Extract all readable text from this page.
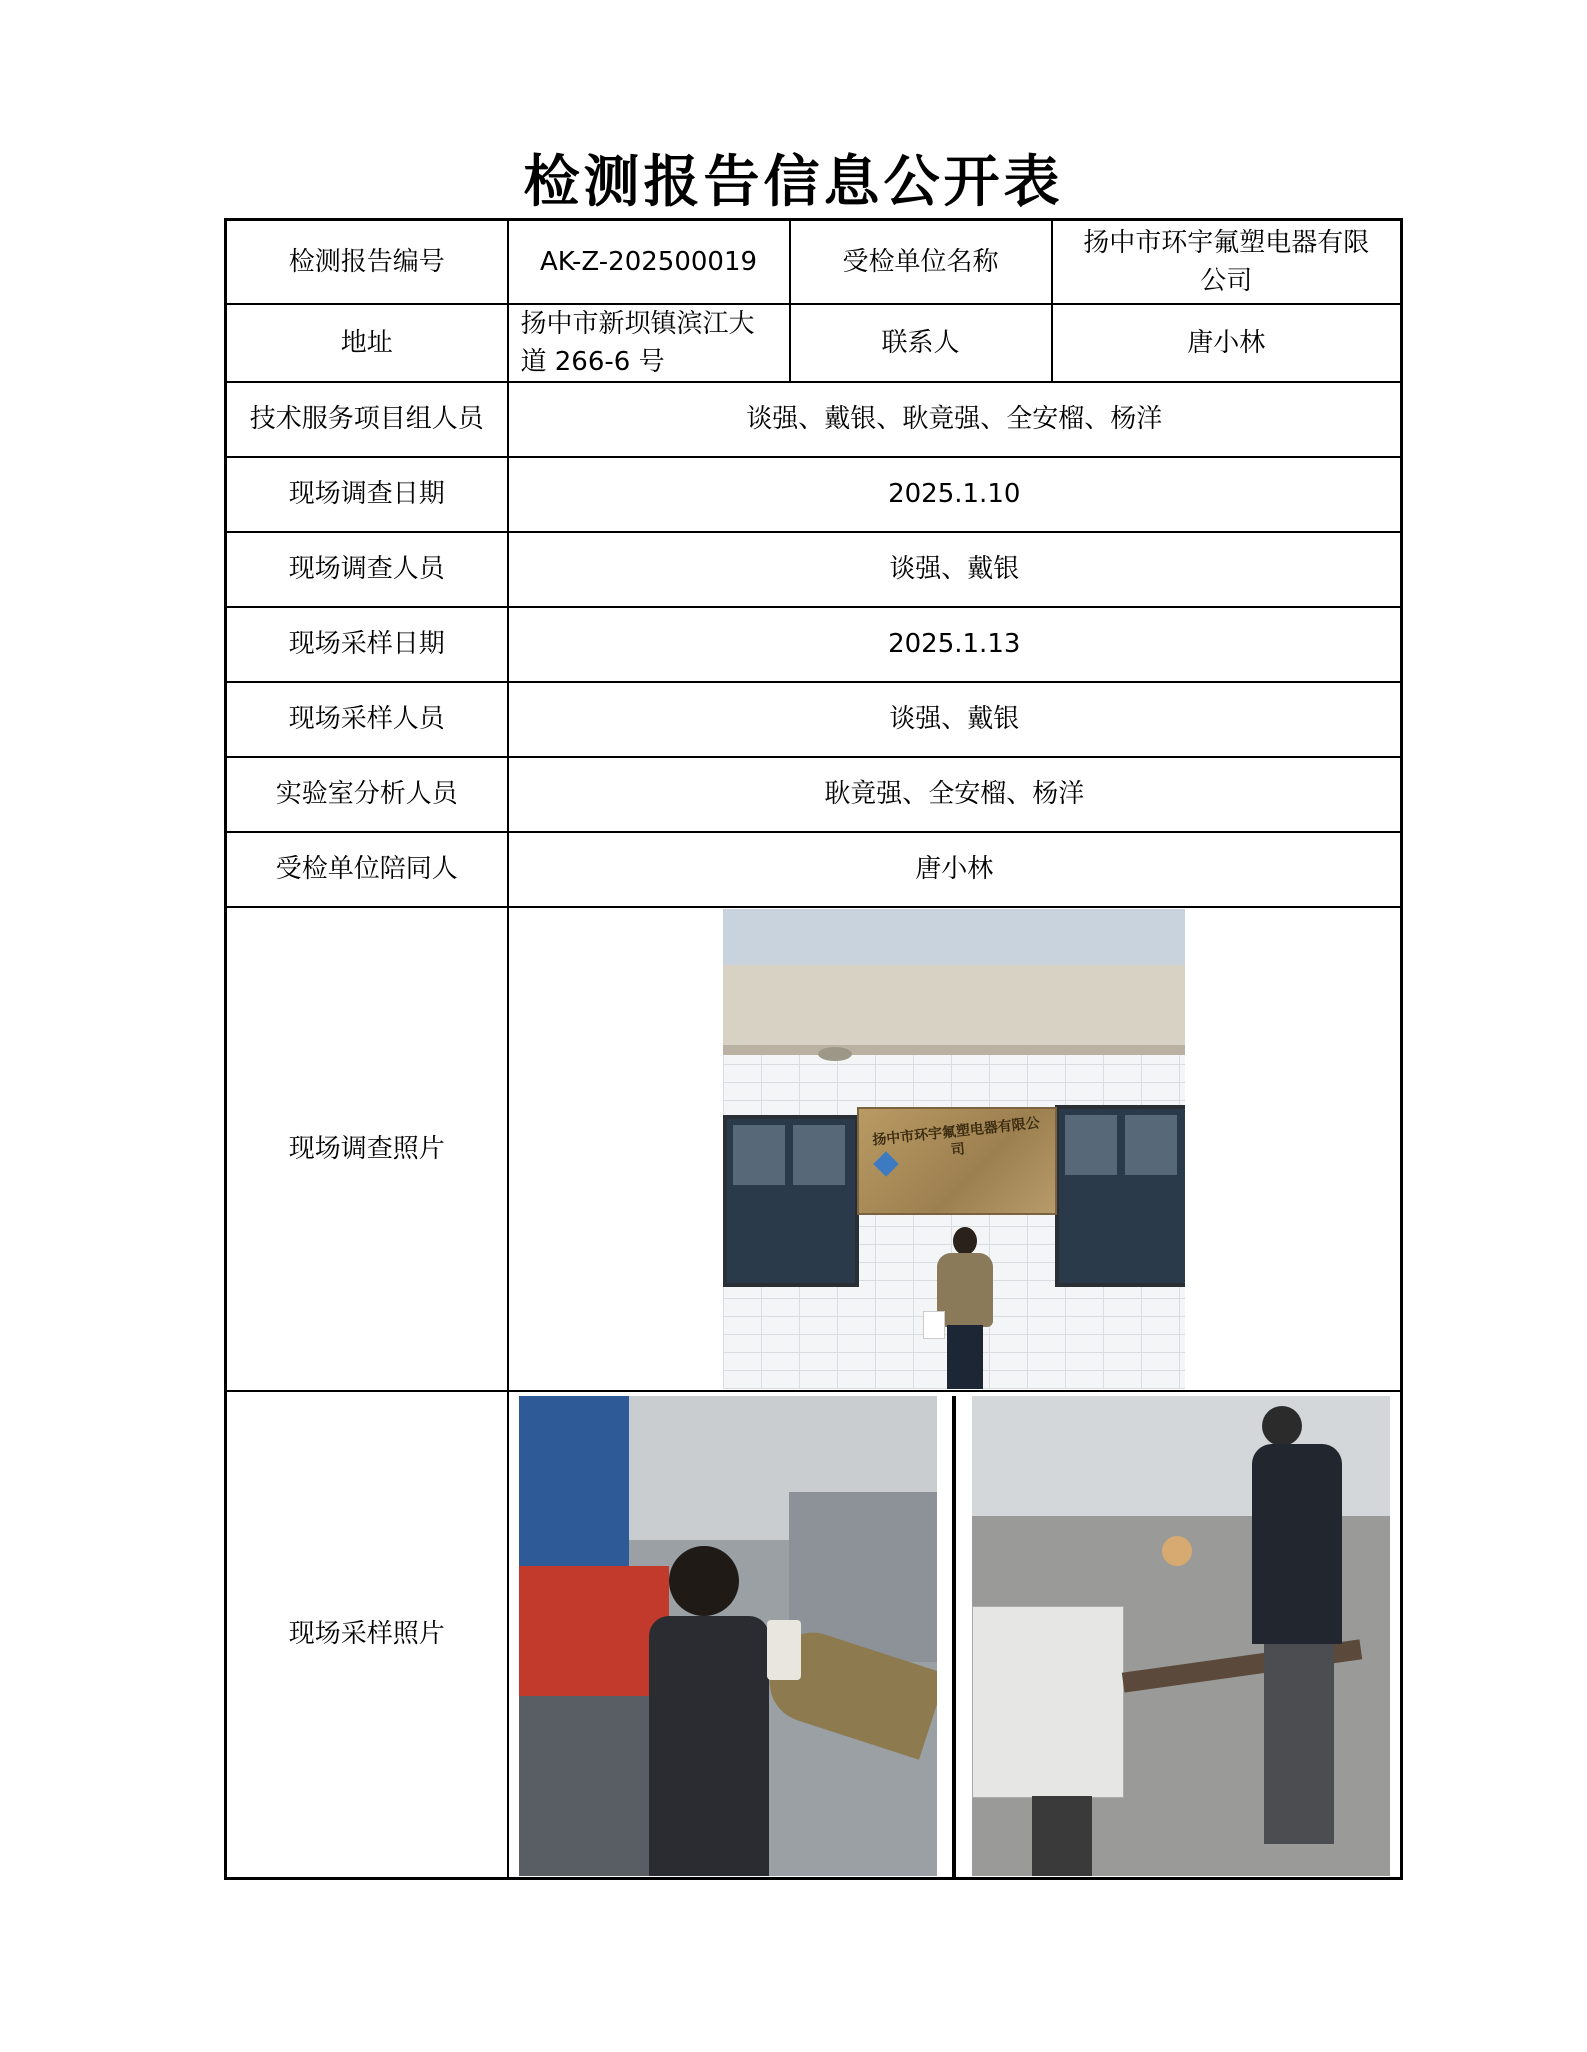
检测报告信息公开表
检测报告编号	AK-Z-202500019	受检单位名称	扬中市环宇氟塑电器有限公司
地址	扬中市新坝镇滨江大道 266-6 号	联系人	唐小林
技术服务项目组人员	谈强、戴银、耿竟强、全安榴、杨洋		
现场调查日期	2025.1.10		
现场调查人员	谈强、戴银		
现场采样日期	2025.1.13		
现场采样人员	谈强、戴银		
实验室分析人员	耿竟强、全安榴、杨洋		
受检单位陪同人	唐小林		
现场调查照片	扬中市环宇氟塑电器有限公司		

现场采样照片			
